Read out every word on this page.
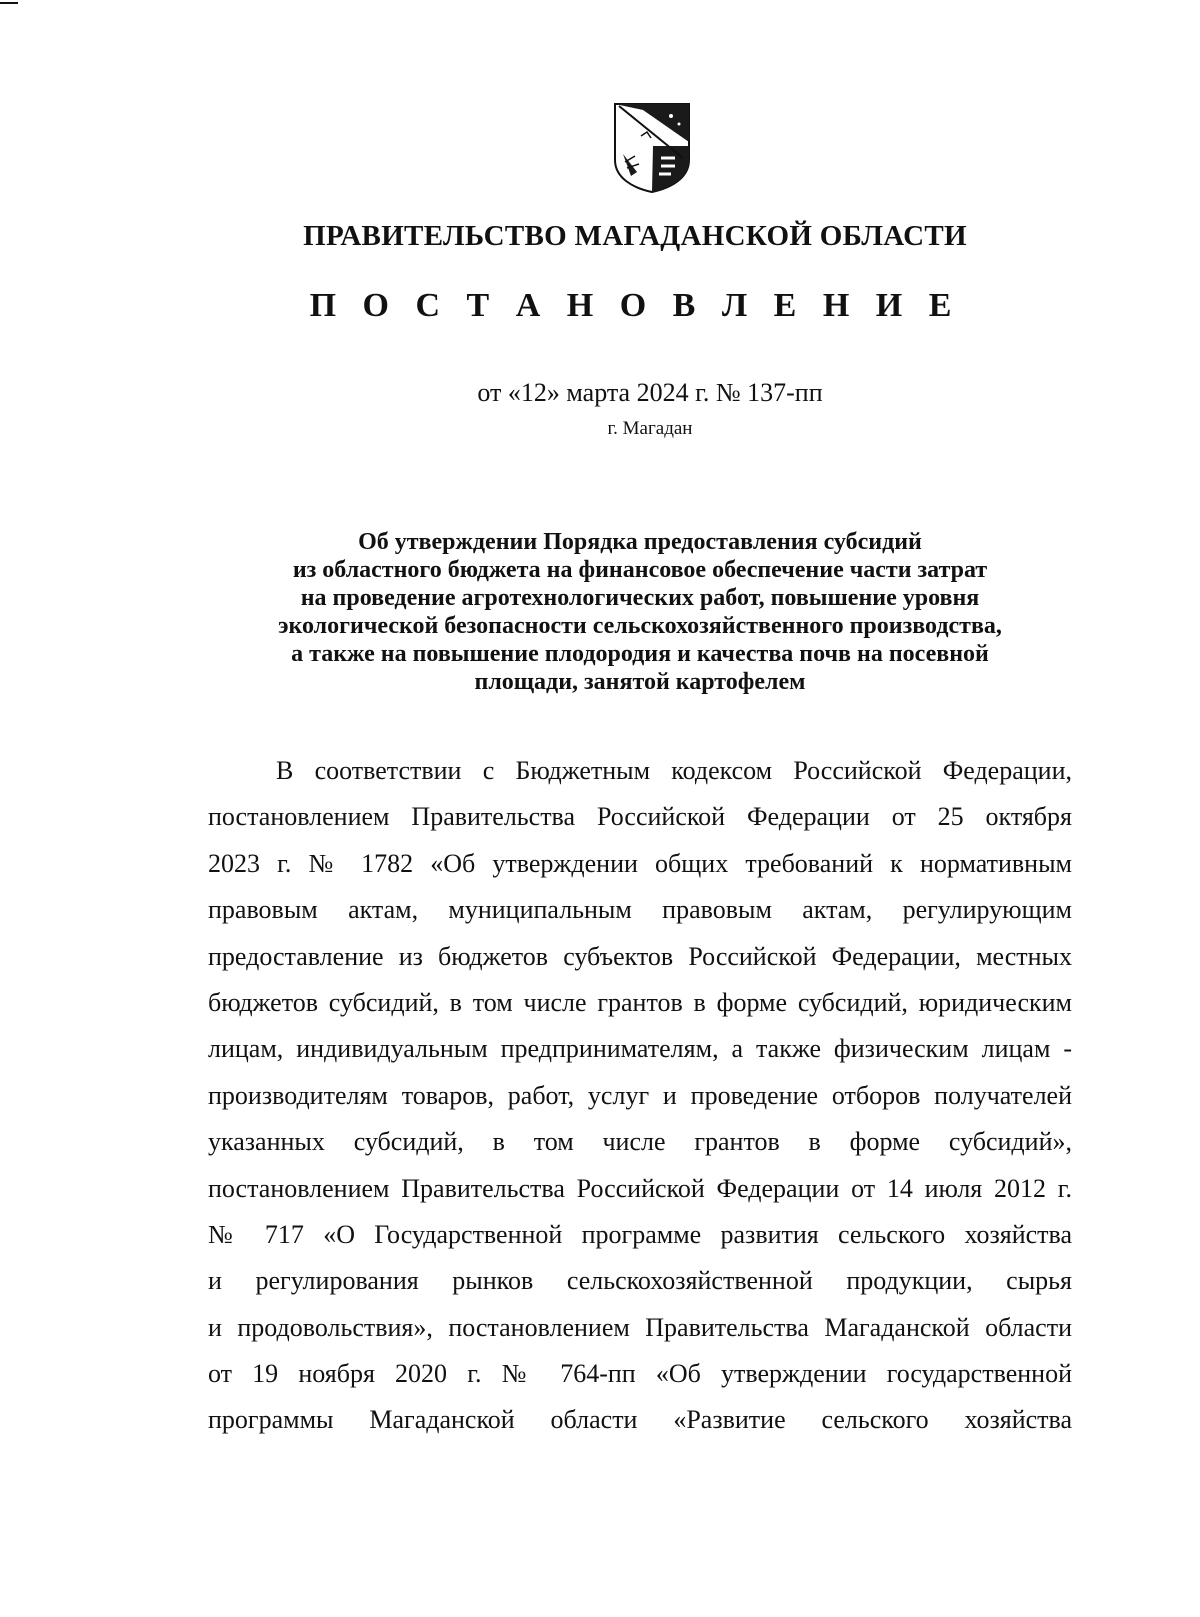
ПРАВИТЕЛЬСТВО МАГАДАНСКОЙ ОБЛАСТИ
П О С Т А Н О В Л Е Н И Е
от «12» марта 2024 г. № 137-пп
г. Магадан
Об утверждении Порядка предоставления субсидий
из областного бюджета на финансовое обеспечение части затрат
на проведение агротехнологических работ, повышение уровня
экологической безопасности сельскохозяйственного производства,
а также на повышение плодородия и качества почв на посевной
площади, занятой картофелем
В соответствии с Бюджетным кодексом Российской Федерации,
постановлением Правительства Российской Федерации от 25 октября
2023 г. № 1782 «Об утверждении общих требований к нормативным
правовым актам, муниципальным правовым актам, регулирующим
предоставление из бюджетов субъектов Российской Федерации, местных
бюджетов субсидий, в том числе грантов в форме субсидий, юридическим
лицам, индивидуальным предпринимателям, а также физическим лицам -
производителям товаров, работ, услуг и проведение отборов получателей
указанных субсидий, в том числе грантов в форме субсидий»,
постановлением Правительства Российской Федерации от 14 июля 2012 г.
№ 717 «О Государственной программе развития сельского хозяйства
и регулирования рынков сельскохозяйственной продукции, сырья
и продовольствия», постановлением Правительства Магаданской области
от 19 ноября 2020 г. № 764-пп «Об утверждении государственной
программы Магаданской области «Развитие сельского хозяйства
